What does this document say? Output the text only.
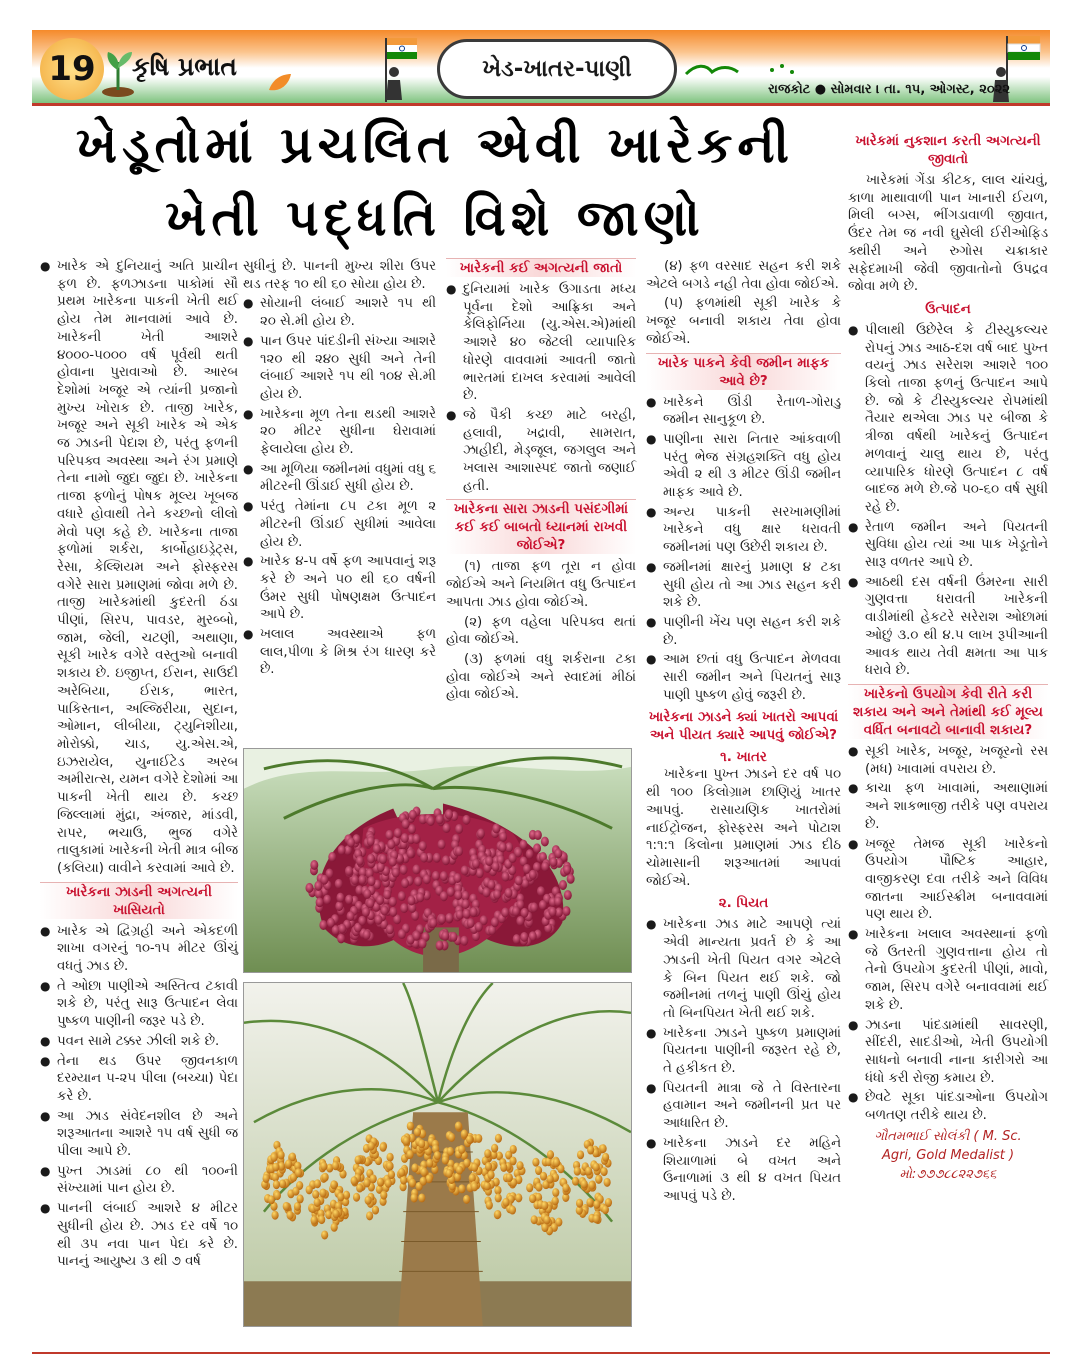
19	કૃષિ પ્રભાત	ખેડ-ખાતર-પાણી
રાજકોટ ● સોમવાર । તા. ૧૫, ઓગસ્ટ, ૨૦૨૨
ખેડૂતોમાં પ્રચલિત એવી ખારેકની
ખેતી પદ્ધતિ વિશે જાણો
● ખારેક એ દુનિયાનું અતિ પ્રાચીન ફળ છે. ફળઝાડના પાકોમાં સૌ પ્રથમ ખારેકના પાકની ખેતી થઈ હોય તેમ માનવામાં આવે છે. ખારેકની ખેતી આશરે ૪૦૦૦-૫૦૦૦ વર્ષ પૂર્વથી થતી હોવાના પુરાવાઓ છે. આરબ દેશોમાં ખજૂર એ ત્યાંની પ્રજાનો મુખ્ય ખોરાક છે. તાજી ખારેક, ખજૂર અને સૂકી ખારેક એ એક જ ઝાડની પેદાશ છે, પરંતુ ફળની પરિપક્વ અવસ્થા અને રંગ પ્રમાણે તેના નામો જુદા જુદા છે. ખારેકના તાજા ફળોનું પોષક મૂલ્ય ખૂબજ વધારે હોવાથી તેને કચ્છનો લીલો મેવો પણ કહે છે. ખારેકના તાજા ફળોમાં શર્કરા, કાર્બોહાઇડ્રેટ્સ, રેસા, કેલ્શિયમ અને ફોસ્ફરસ વગેરે સારા પ્રમાણમાં જોવા મળે છે. તાજી ખારેકમાંથી કુદરતી ઠંડા પીણાં, સિરપ, પાવડર, મુરબ્બો, જામ, જેલી, ચટણી, અથાણા, સૂકી ખારેક વગેરે વસ્તુઓ બનાવી શકાય છે. ઇજીપ્ત, ઈરાન, સાઉદી અરેબિયા, ઈરાક, ભારત, પાકિસ્તાન, અલ્જિરીયા, સુદાન, ઓમાન, લીબીયા, ટ્યુનિશીયા, મોરોક્કો, ચાડ, યુ.એસ.એ, ઇઝરાયેલ, યુનાઈટેડ અરબ અમીરાત્સ, યમન વગેરે દેશોમાં આ પાકની ખેતી થાય છે. કચ્છ જિલ્લામાં મુંદ્રા, અંજાર, માંડવી, રાપર, ભચાઉ, ભુજ વગેરે તાલુકામાં ખારેકની ખેતી માત્ર બીજ (કલિયા) વાવીને કરવામાં આવે છે.
ખારેકના ઝાડની અગત્યની ખાસિયતો
● ખારેક એ દ્વિગ્રહી અને એકદળી શાખા વગરનું ૧૦-૧૫ મીટર ઊંચું વધતું ઝાડ છે.
● તે ઓછા પાણીએ અસ્તિત્વ ટકાવી શકે છે, પરંતુ સારૂ ઉત્પાદન લેવા પુષ્કળ પાણીની જરૂર પડે છે.
● પવન સામે ટક્કર ઝીલી શકે છે.
● તેના થડ ઉપર જીવનકાળ દરમ્યાન ૫-૨૫ પીલા (બચ્ચા) પેદા કરે છે.
● આ ઝાડ સંવેદનશીલ છે અને શરૂઆતના આશરે ૧૫ વર્ષ સુધી જ પીલા આપે છે.
● પુખ્ત ઝાડમાં ૮૦ થી ૧૦૦ની સંખ્યામાં પાન હોય છે.
● પાનની લંબાઈ આશરે ૪ મીટર સુધીની હોય છે. ઝાડ દર વર્ષે ૧૦ થી ૩૫ નવા પાન પેદા કરે છે. પાનનું આયુષ્ય ૩ થી ૭ વર્ષ

સુધીનું છે. પાનની મુખ્ય શીરા ઉપર થડ તરફ ૧૦ થી ૬૦ સોયા હોય છે.

● સોયાની લંબાઈ આશરે ૧૫ થી ૨૦ સે.મી હોય છે.
● પાન ઉપર પાંદડીની સંખ્યા આશરે ૧૨૦ થી ૨૪૦ સુધી અને તેની લંબાઈ આશરે ૧૫ થી ૧૦૪ સે.મી હોય છે.
● ખારેકના મૂળ તેના થડથી આશરે ૨૦ મીટર સુધીના ઘેરાવામાં ફેલાયેલા હોય છે.
● આ મૂળિયા જમીનમાં વધુમાં વધુ ૬ મીટરની ઊંડાઈ સુધી હોય છે.
● પરંતુ તેમાંના ૮૫ ટકા મૂળ ૨ મીટરની ઊંડાઈ સુધીમાં આવેલા હોય છે.
● ખારેક ૪-૫ વર્ષે ફળ આપવાનું શરૂ કરે છે અને ૫૦ થી ૬૦ વર્ષની ઉંમર સુધી પોષણક્ષમ ઉત્પાદન આપે છે.
● ખલાલ અવસ્થાએ ફળ લાલ,પીળા કે મિશ્ર રંગ ધારણ કરે છે.
ખારેકની કઈ અગત્યની જાતો
● દુનિયામાં ખારેક ઉગાડતા મધ્ય પૂર્વના દેશો આફ્રિકા અને કેલિફોર્નિયા (યુ.એસ.એ)માંથી આશરે ૪૦ જેટલી વ્યાપારિક ધોરણે વાવવામાં આવતી જાતો ભારતમાં દાખલ કરવામાં આવેલી છે.
● જે પૈકી કચ્છ માટે બરહી, હલાવી, ખદ્રાવી, સામરાત, ઝાહીદી, મેડ્જૂલ, જગલુલ અને ખલાસ આશાસ્પદ જાતો જણાઈ હતી.
ખારેકના સારા ઝાડની પસંદગીમાં કઈ કઈ બાબતો ધ્યાનમાં રાખવી જોઈએ?

(૧) તાજા ફળ તૂરા ન હોવા જોઈએ અને નિયમિત વધુ ઉત્પાદન આપતા ઝાડ હોવા જોઈએ.

(૨) ફળ વહેલા પરિપક્વ થતાં હોવા જોઈએ.

(૩) ફળમાં વધુ શર્કરાના ટકા હોવા જોઈએ અને સ્વાદમાં મીઠાં હોવા જોઈએ.

(૪) ફળ વરસાદ સહન કરી શકે એટલે બગડે નહી તેવા હોવા જોઈએ.

(૫) ફળમાંથી સૂકી ખારેક કે ખજૂર બનાવી શકાય તેવા હોવા જોઈએ.

ખારેક પાકને કેવી જમીન માફક આવે છે?
● ખારેકને ઊંડી રેતાળ-ગોરાડુ જમીન સાનુકૂળ છે.
● પાણીના સારા નિતાર આંકવાળી પરંતુ ભેજ સંગ્રહશક્તિ વધુ હોય એવી ૨ થી ૩ મીટર ઊંડી જમીન માફક આવે છે.
● અન્ય પાકની સરખામણીમાં ખારેકને વધુ ક્ષાર ધરાવતી જમીનમાં પણ ઉછેરી શકાય છે.
● જમીનમાં ક્ષારનું પ્રમાણ ૪ ટકા સુધી હોય તો આ ઝાડ સહન કરી શકે છે.
● પાણીની ખેંચ પણ સહન કરી શકે છે.
● આમ છતાં વધુ ઉત્પાદન મેળવવા સારી જમીન અને પિયતનું સારૂ પાણી પુષ્કળ હોવું જરૂરી છે.
ખારેકના ઝાડને ક્યાં ખાતરો આપવાં અને પીયત ક્યારે આપવું જોઈએ?
૧. ખાતર

ખારેકના પુખ્ત ઝાડને દર વર્ષ ૫૦ થી ૧૦૦ કિલોગ્રામ છાણિયું ખાતર આપવું. રાસાયણિક ખાતરોમાં નાઈટ્રોજન, ફોસ્ફરસ અને પોટાશ ૧:૧:૧ કિલોના પ્રમાણમાં ઝાડ દીઠ ચોમાસાની શરૂઆતમાં આપવાં જોઈએ.

૨. પિયત
● ખારેકના ઝાડ માટે આપણે ત્યાં એવી માન્યતા પ્રવર્ત છે કે આ ઝાડની ખેતી પિયત વગર એટલે કે બિન પિયત થઈ શકે. જો જમીનમાં તળનું પાણી ઊંચું હોય તો બિનપિયત ખેતી થઈ શકે.
● ખારેકના ઝાડને પુષ્કળ પ્રમાણમાં પિયતના પાણીની જરૂરત રહે છે, તે હકીકત છે.
● પિયતની માત્રા જે તે વિસ્તારના હવામાન અને જમીનની પ્રત પર આધારિત છે.
● ખારેકના ઝાડને દર મહિને શિયાળામાં બે વખત અને ઉનાળામાં ૩ થી ૪ વખત પિયત આપવું પડે છે.
ખારેકમાં નુકશાન કરતી અગત્યની જીવાતો

ખારેકમાં ગેંડા કીટક, લાલ ચાંચવું, કાળા માથાવાળી પાન ખાનારી ઈયળ, મિલી બગ્સ, ભીંગડાવાળી જીવાત, ઉંદર તેમ જ નવી ઘુસેલી ઈરીઓફિડ ક્થીરી અને રુગોસ ચક્રાકાર સફેદમાખી જેવી જીવાતોનો ઉપદ્રવ જોવા મળે છે.

ઉત્પાદન
● પીલાથી ઉછેરેલ કે ટીસ્યુકલ્ચર રોપનું ઝાડ આઠ-દશ વર્ષ બાદ પુખ્ત વયનું ઝાડ સરેરાશ આશરે ૧૦૦ કિલો તાજા ફળનું ઉત્પાદન આપે છે. જો કે ટીસ્યુકલ્ચર રોપમાંથી તૈયાર થએલા ઝાડ પર બીજા કે ત્રીજા વર્ષથી ખારેકનું ઉત્પાદન મળવાનું ચાલુ થાય છે, પરંતુ વ્યાપારિક ધોરણે ઉત્પાદન ૮ વર્ષ બાદજ મળે છે.જે ૫૦-૬૦ વર્ષ સુધી રહે છે.
● રેતાળ જમીન અને પિયતની સુવિધા હોય ત્યાં આ પાક ખેડૂતોને સારૂ વળતર આપે છે.
● આઠથી દસ વર્ષની ઉંમરના સારી ગુણવત્તા ધરાવતી ખારેકની વાડીમાંથી હેકટરે સરેરાશ ઓછામાં ઓછું ૩.૦ થી ૪.૫ લાખ રૂપીઆની આવક થાય તેવી ક્ષમતા આ પાક ધરાવે છે.
ખારેકનો ઉપયોગ કેવી રીતે કરી શકાય અને અને તેમાંથી કઈ મૂલ્ય વર્ધિત બનાવટો બાનાવી શકાય?
● સૂકી ખારેક, ખજૂર, ખજૂરનો રસ (મધ) ખાવામાં વપરાય છે.
● કાચા ફળ ખાવામાં, અથાણામાં અને શાકભાજી તરીકે પણ વપરાય છે.
● ખજૂર તેમજ સૂકી ખારેકનો ઉપયોગ પૌષ્ટિક આહાર, વાજીકરણ દવા તરીકે અને વિવિધ જાતના આઈસ્ક્રીમ બનાવવામાં પણ થાય છે.
● ખારેકના ખલાલ અવસ્થાનાં ફળો જે ઉતરતી ગુણવત્તાના હોય તો તેનો ઉપયોગ કુદરતી પીણાં, માવો, જામ, સિરપ વગેરે બનાવવામાં થઈ શકે છે.
● ઝાડના પાંદડામાંથી સાવરણી, સીંદરી, સાદડીઓ, ખેતી ઉપયોગી સાધનો બનાવી નાના કારીગરો આ ધંધો કરી રોજી કમાય છે.
● છેવટે સૂકા પાંદડાઓના ઉપયોગ બળતણ તરીકે થાય છે.
ગૌતમભાઈ સોલંકી ( M. Sc.
Agri, Gold Medalist )
મો:૭૭૭૮૮૨૨૭૬૬
